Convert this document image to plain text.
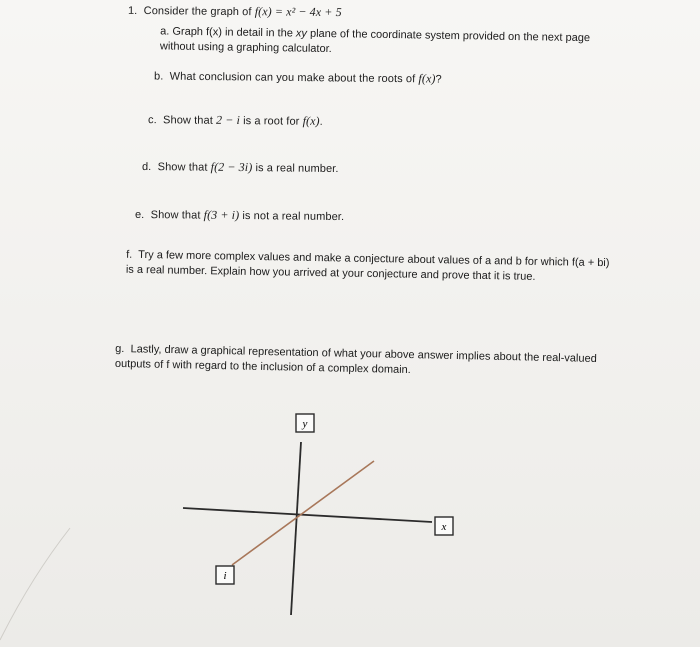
1. Consider the graph of f(x) = x² − 4x + 5
a. Graph f(x) in detail in the xy plane of the coordinate system provided on the next page without using a graphing calculator.
b. What conclusion can you make about the roots of f(x)?
c. Show that 2 − i is a root for f(x).
d. Show that f(2 − 3i) is a real number.
e. Show that f(3 + i) is not a real number.
f. Try a few more complex values and make a conjecture about values of a and b for which f(a + bi) is a real number. Explain how you arrived at your conjecture and prove that it is true.
g. Lastly, draw a graphical representation of what your above answer implies about the real-valued outputs of f with regard to the inclusion of a complex domain.
y
x
i
